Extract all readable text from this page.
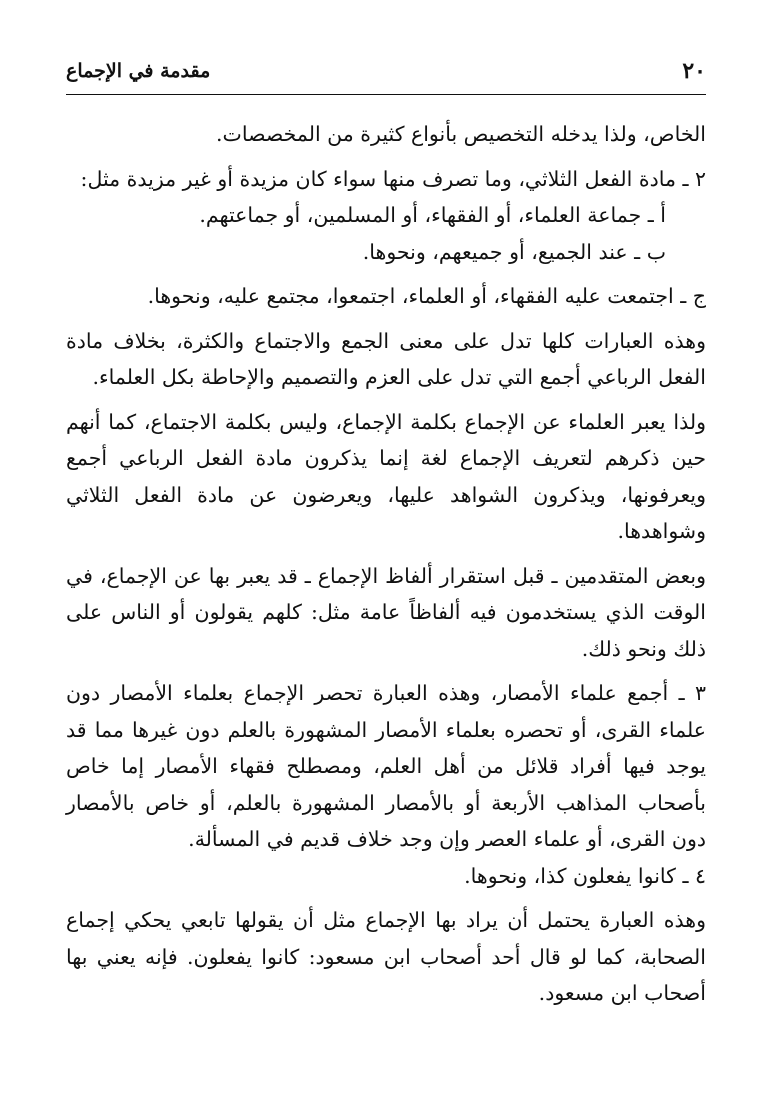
٢٠
مقدمة في الإجماع

الخاص، ولذا يدخله التخصيص بأنواع كثيرة من المخصصات.

٢ ـ مادة الفعل الثلاثي، وما تصرف منها سواء كان مزيدة أو غير مزيدة مثل:

أ ـ جماعة العلماء، أو الفقهاء، أو المسلمين، أو جماعتهم.

ب ـ عند الجميع، أو جميعهم، ونحوها.

ج ـ اجتمعت عليه الفقهاء، أو العلماء، اجتمعوا، مجتمع عليه، ونحوها.

وهذه العبارات كلها تدل على معنى الجمع والاجتماع والكثرة، بخلاف مادة الفعل الرباعي أجمع التي تدل على العزم والتصميم والإحاطة بكل العلماء.

ولذا يعبر العلماء عن الإجماع بكلمة الإجماع، وليس بكلمة الاجتماع، كما أنهم حين ذكرهم لتعريف الإجماع لغة إنما يذكرون مادة الفعل الرباعي أجمع ويعرفونها، ويذكرون الشواهد عليها، ويعرضون عن مادة الفعل الثلاثي وشواهدها.

وبعض المتقدمين ـ قبل استقرار ألفاظ الإجماع ـ قد يعبر بها عن الإجماع، في الوقت الذي يستخدمون فيه ألفاظاً عامة مثل: كلهم يقولون أو الناس على ذلك ونحو ذلك.

٣ ـ أجمع علماء الأمصار، وهذه العبارة تحصر الإجماع بعلماء الأمصار دون علماء القرى، أو تحصره بعلماء الأمصار المشهورة بالعلم دون غيرها مما قد يوجد فيها أفراد قلائل من أهل العلم، ومصطلح فقهاء الأمصار إما خاص بأصحاب المذاهب الأربعة أو بالأمصار المشهورة بالعلم، أو خاص بالأمصار دون القرى، أو علماء العصر وإن وجد خلاف قديم في المسألة.

٤ ـ كانوا يفعلون كذا، ونحوها.

وهذه العبارة يحتمل أن يراد بها الإجماع مثل أن يقولها تابعي يحكي إجماع الصحابة، كما لو قال أحد أصحاب ابن مسعود: كانوا يفعلون. فإنه يعني بها أصحاب ابن مسعود.
